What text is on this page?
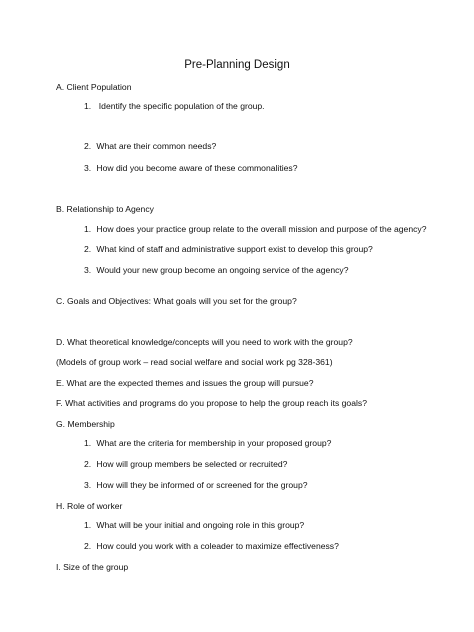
Pre-Planning Design
A. Client Population
1.  Identify the specific population of the group.
2. What are their common needs?
3. How did you become aware of these commonalities?
B. Relationship to Agency
1. How does your practice group relate to the overall mission and purpose of the agency?
2. What kind of staff and administrative support exist to develop this group?
3. Would your new group become an ongoing service of the agency?
C. Goals and Objectives: What goals will you set for the group?
D. What theoretical knowledge/concepts will you need to work with the group?
(Models of group work – read social welfare and social work pg 328-361)
E. What are the expected themes and issues the group will pursue?
F. What activities and programs do you propose to help the group reach its goals?
G. Membership
1. What are the criteria for membership in your proposed group?
2. How will group members be selected or recruited?
3. How will they be informed of or screened for the group?
H. Role of worker
1. What will be your initial and ongoing role in this group?
2. How could you work with a coleader to maximize effectiveness?
I. Size of the group
